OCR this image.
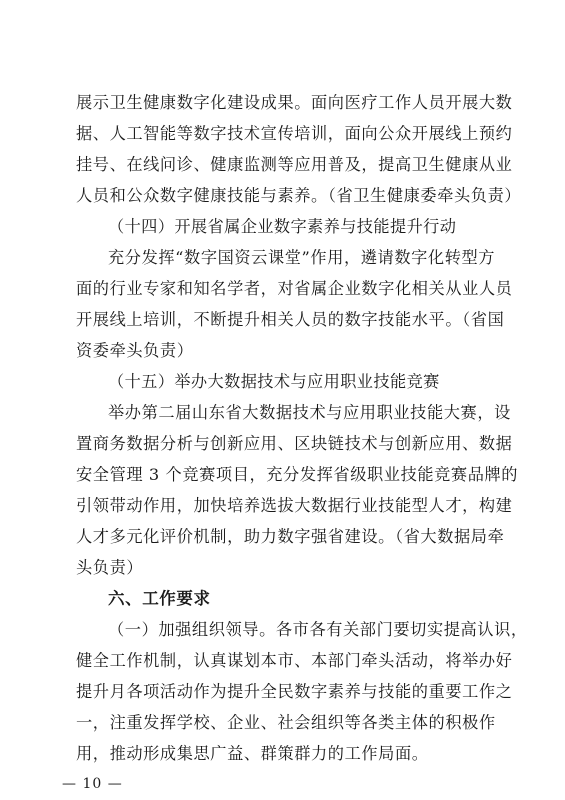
展示卫生健康数字化建设成果。面向医疗工作人员开展大数
据、人工智能等数字技术宣传培训，面向公众开展线上预约
挂号、在线问诊、健康监测等应用普及，提高卫生健康从业
人员和公众数字健康技能与素养。（省卫生健康委牵头负责）
（十四）开展省属企业数字素养与技能提升行动
充分发挥“数字国资云课堂”作用，遴请数字化转型方
面的行业专家和知名学者，对省属企业数字化相关从业人员
开展线上培训，不断提升相关人员的数字技能水平。（省国
资委牵头负责）
（十五）举办大数据技术与应用职业技能竞赛
举办第二届山东省大数据技术与应用职业技能大赛，设
置商务数据分析与创新应用、区块链技术与创新应用、数据
安全管理 3 个竞赛项目，充分发挥省级职业技能竞赛品牌的
引领带动作用，加快培养选拔大数据行业技能型人才，构建
人才多元化评价机制，助力数字强省建设。（省大数据局牵
头负责）
六、工作要求
（一）加强组织领导。各市各有关部门要切实提高认识，
健全工作机制，认真谋划本市、本部门牵头活动，将举办好
提升月各项活动作为提升全民数字素养与技能的重要工作之
一，注重发挥学校、企业、社会组织等各类主体的积极作
用，推动形成集思广益、群策群力的工作局面。
— 10 —
